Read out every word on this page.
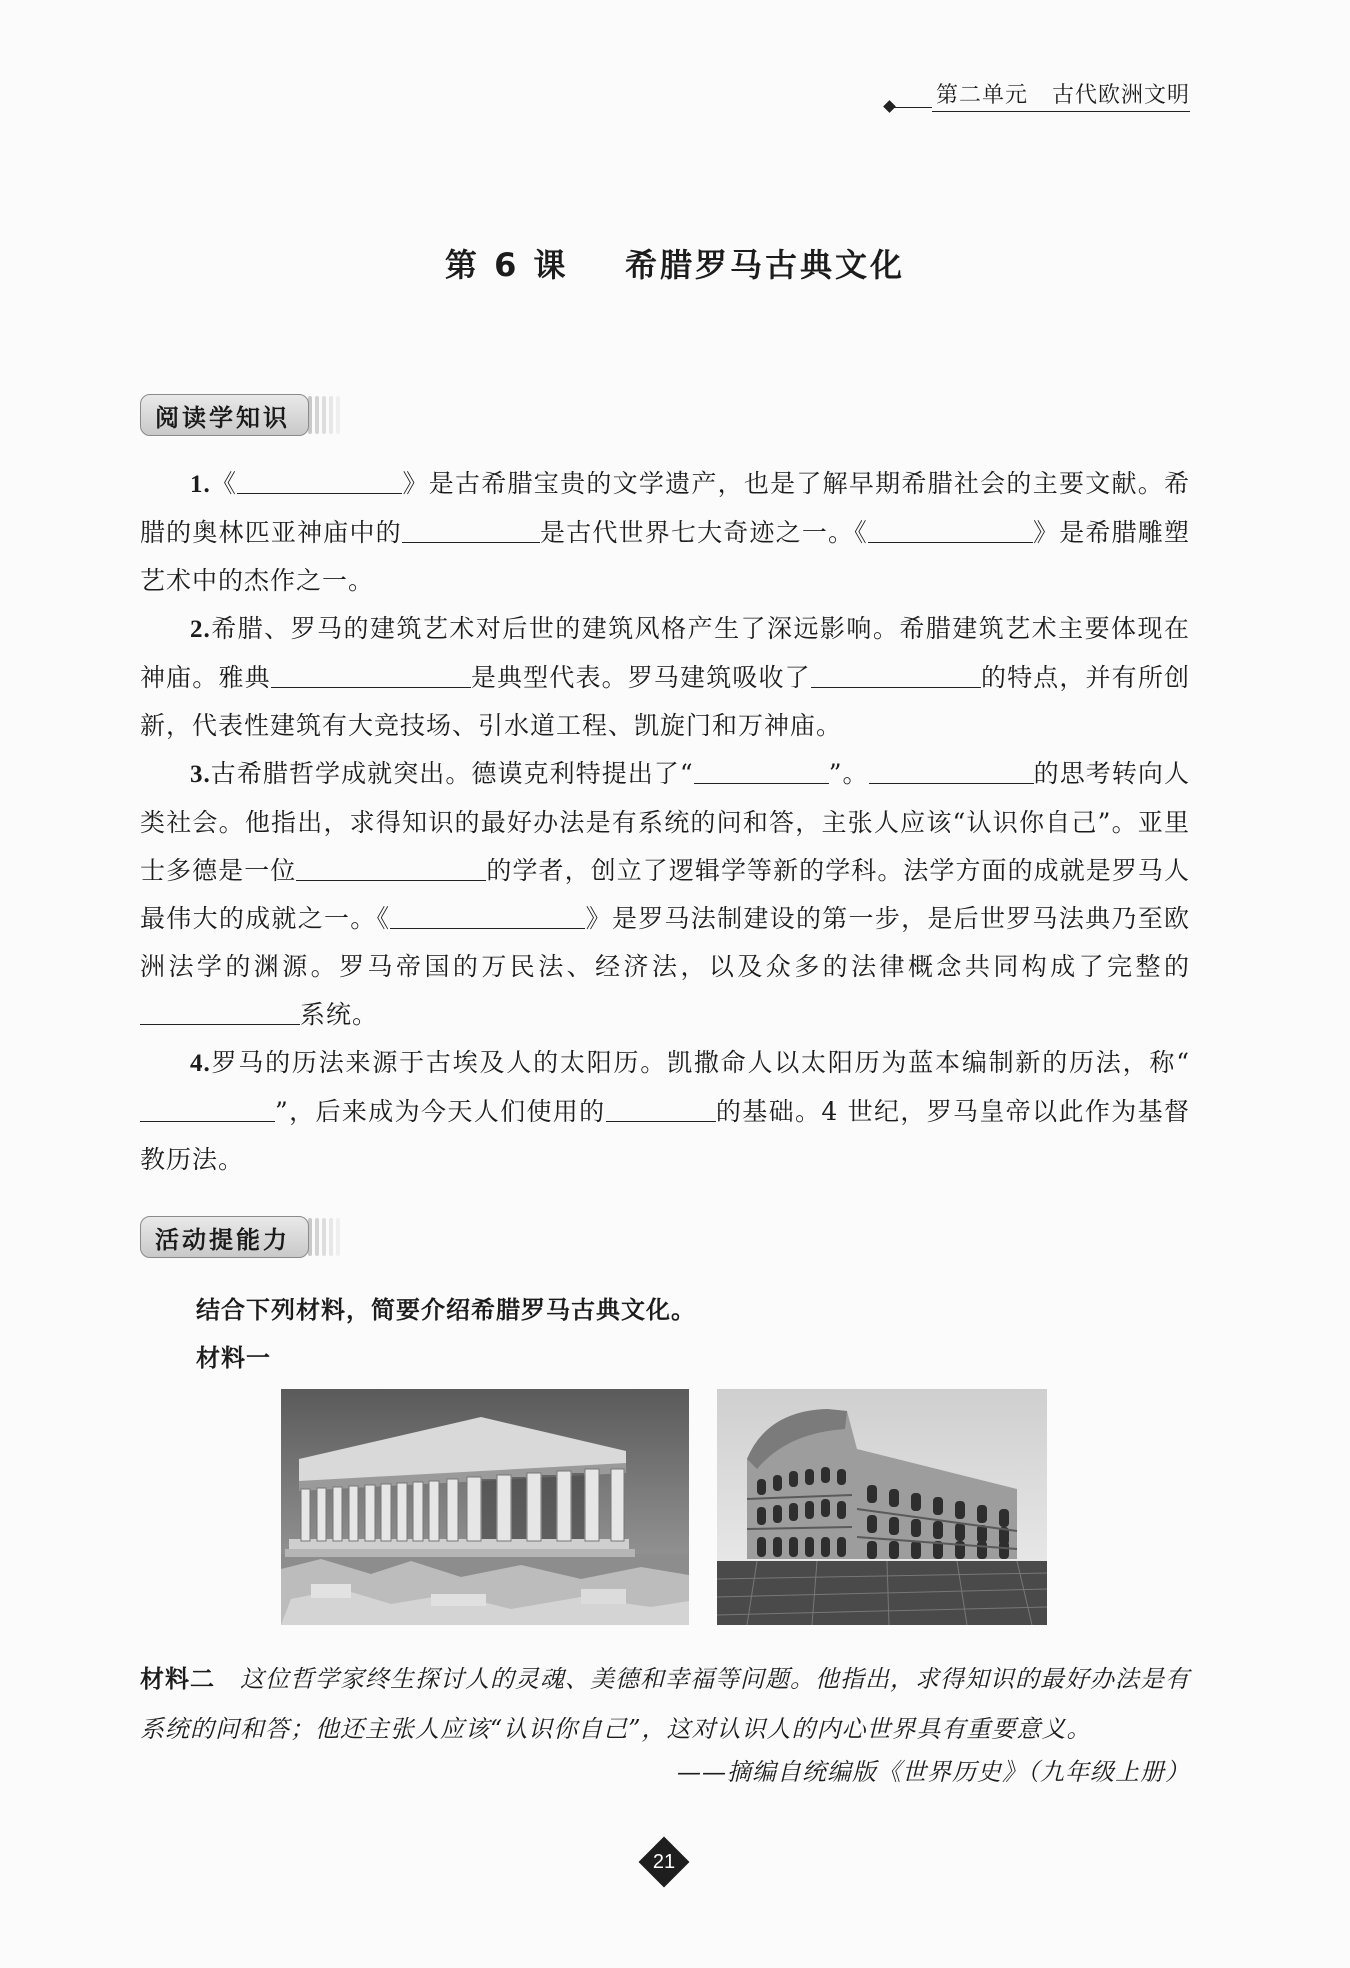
第二单元 古代欧洲文明
第 6 课 希腊罗马古典文化
阅读学知识

1.《	》是古希腊宝贵的文学遗产，也是了解早期希腊社会的主要文献。希腊的奥林匹亚神庙中的	是古代世界七大奇迹之一。《	》是希腊雕塑艺术中的杰作之一。

2.希腊、罗马的建筑艺术对后世的建筑风格产生了深远影响。希腊建筑艺术主要体现在神庙。雅典	是典型代表。罗马建筑吸收了	的特点，并有所创新，代表性建筑有大竞技场、引水道工程、凯旋门和万神庙。

3.古希腊哲学成就突出。德谟克利特提出了“	”。	的思考转向人类社会。他指出，求得知识的最好办法是有系统的问和答，主张人应该“认识你自己”。亚里士多德是一位	的学者，创立了逻辑学等新的学科。法学方面的成就是罗马人最伟大的成就之一。《	》是罗马法制建设的第一步，是后世罗马法典乃至欧洲法学的渊源。罗马帝国的万民法、经济法，以及众多的法律概念共同构成了完整的系统。

4.罗马的历法来源于古埃及人的太阳历。凯撒命人以太阳历为蓝本编制新的历法，称“”，后来成为今天人们使用的	的基础。4 世纪，罗马皇帝以此作为基督教历法。

活动提能力
结合下列材料，简要介绍希腊罗马古典文化。
材料一
材料二　 这位哲学家终生探讨人的灵魂、美德和幸福等问题。他指出，求得知识的最好办法是有系统的问和答；他还主张人应该“认识你自己”，这对认识人的内心世界具有重要意义。
——摘编自统编版《世界历史》（九年级上册）
21
